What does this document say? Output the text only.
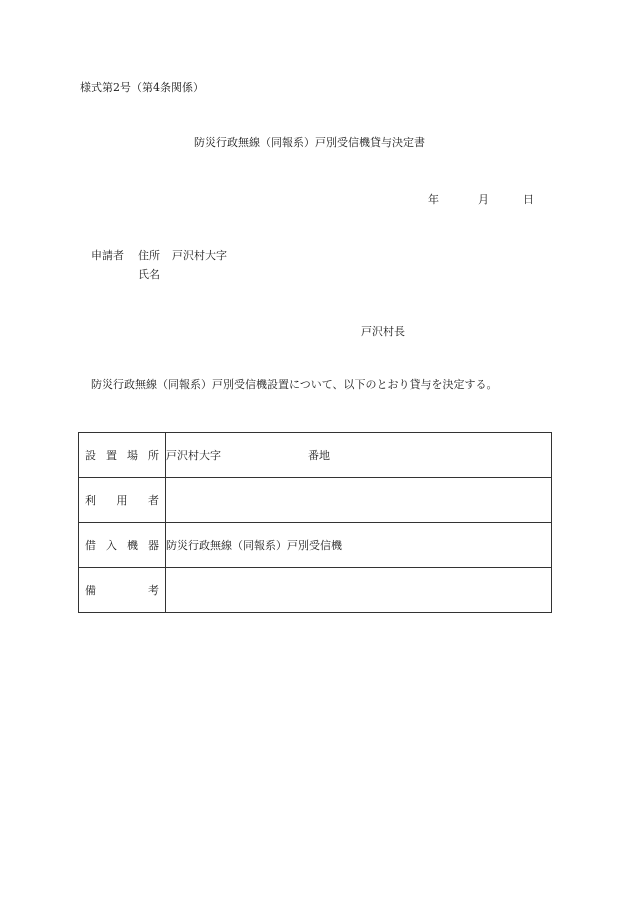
様式第2号（第4条関係）
防災行政無線（同報系）戸別受信機貸与決定書
年	月	日
申請者 住所 戸沢村大字
氏名
戸沢村長
防災行政無線（同報系）戸別受信機設置について、以下のとおり貸与を決定する。
設 置 場 所	戸沢村大字 番地

利 用 者	

借 入 機 器	防災行政無線（同報系）戸別受信機

備 考	
